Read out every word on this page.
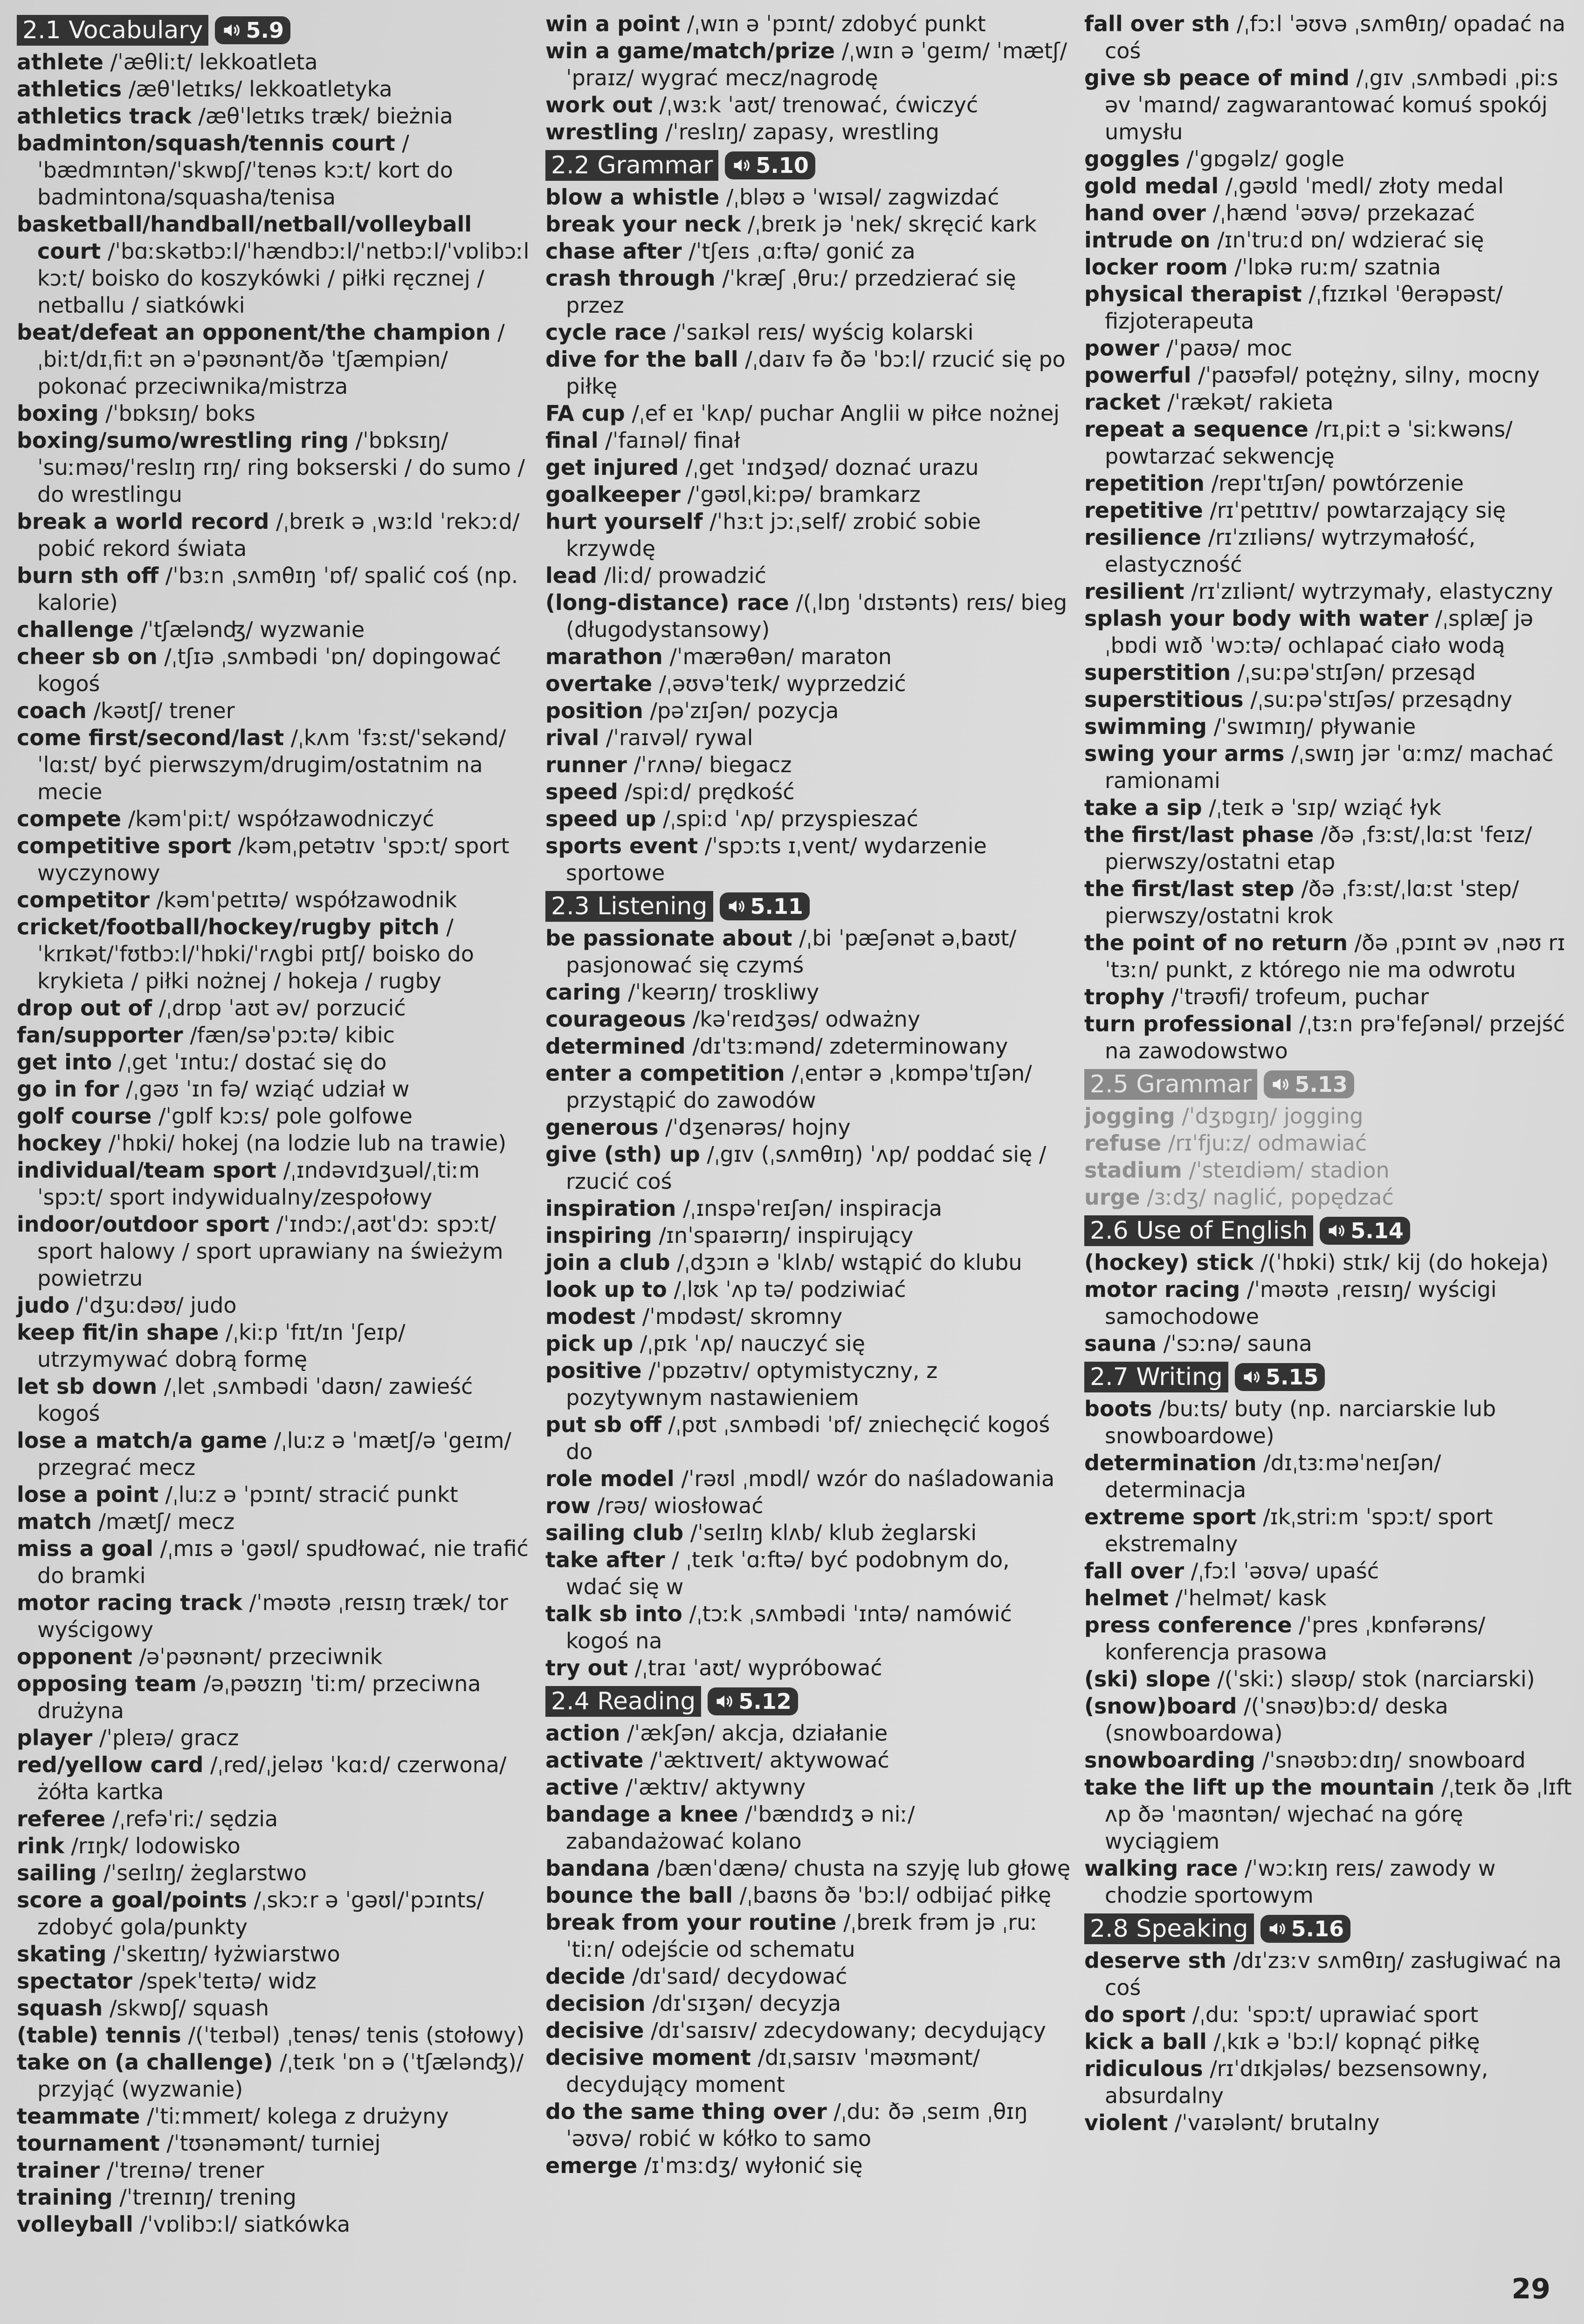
2.1 Vocabulary 5.9

athlete /ˈæθliːt/ lekkoatleta

athletics /æθˈletɪks/ lekkoatletyka

athletics track /æθˈletɪks træk/ bieżnia

badminton/squash/tennis court /ˈbædmɪntən/ˈskwɒʃ/ˈtenəs kɔːt/ kort do badmintona/squasha/tenisa

basketball/handball/netball/volleyball court /ˈbɑːskətbɔːl/ˈhændbɔːl/ˈnetbɔːl/ˈvɒlibɔːl kɔːt/ boisko do koszykówki / piłki ręcznej / netballu / siatkówki

beat/defeat an opponent/the champion /ˌbiːt/dɪˌfiːt ən əˈpəʊnənt/ðə ˈtʃæmpiən/ pokonać przeciwnika/mistrza

boxing /ˈbɒksɪŋ/ boks

boxing/sumo/wrestling ring /ˈbɒksɪŋ/ ˈsuːməʊ/ˈreslɪŋ rɪŋ/ ring bokserski / do sumo / do wrestlingu

break a world record /ˌbreɪk ə ˌwɜːld ˈrekɔːd/ pobić rekord świata

burn sth off /ˈbɜːn ˌsʌmθɪŋ ˈɒf/ spalić coś (np. kalorie)

challenge /ˈtʃælənʤ/ wyzwanie

cheer sb on /ˌtʃɪə ˌsʌmbədi ˈɒn/ dopingować kogoś

coach /kəʊtʃ/ trener

come first/second/last /ˌkʌm ˈfɜːst/ˈsekənd/ ˈlɑːst/ być pierwszym/drugim/ostatnim na mecie

compete /kəmˈpiːt/ współzawodniczyć

competitive sport /kəmˌpetətɪv ˈspɔːt/ sport wyczynowy

competitor /kəmˈpetɪtə/ współzawodnik

cricket/football/hockey/rugby pitch /ˈkrɪkət/ˈfʊtbɔːl/ˈhɒki/ˈrʌgbi pɪtʃ/ boisko do krykieta / piłki nożnej / hokeja / rugby

drop out of /ˌdrɒp ˈaʊt əv/ porzucić

fan/supporter /fæn/səˈpɔːtə/ kibic

get into /ˌget ˈɪntuː/ dostać się do

go in for /ˌgəʊ ˈɪn fə/ wziąć udział w

golf course /ˈgɒlf kɔːs/ pole golfowe

hockey /ˈhɒki/ hokej (na lodzie lub na trawie)

individual/team sport /ˌɪndəvɪdʒuəl/ˌtiːm ˈspɔːt/ sport indywidualny/zespołowy

indoor/outdoor sport /ˈɪndɔː/ˌaʊtˈdɔː spɔːt/ sport halowy / sport uprawiany na świeżym powietrzu

judo /ˈdʒuːdəʊ/ judo

keep fit/in shape /ˌkiːp ˈfɪt/ɪn ˈʃeɪp/ utrzymywać dobrą formę

let sb down /ˌlet ˌsʌmbədi ˈdaʊn/ zawieść kogoś

lose a match/a game /ˌluːz ə ˈmætʃ/ə ˈgeɪm/ przegrać mecz

lose a point /ˌluːz ə ˈpɔɪnt/ stracić punkt

match /mætʃ/ mecz

miss a goal /ˌmɪs ə ˈgəʊl/ spudłować, nie trafić do bramki

motor racing track /ˈməʊtə ˌreɪsɪŋ træk/ tor wyścigowy

opponent /əˈpəʊnənt/ przeciwnik

opposing team /əˌpəʊzɪŋ ˈtiːm/ przeciwna drużyna

player /ˈpleɪə/ gracz

red/yellow card /ˌred/ˌjeləʊ ˈkɑːd/ czerwona/ żółta kartka

referee /ˌrefəˈriː/ sędzia

rink /rɪŋk/ lodowisko

sailing /ˈseɪlɪŋ/ żeglarstwo

score a goal/points /ˌskɔːr ə ˈgəʊl/ˈpɔɪnts/ zdobyć gola/punkty

skating /ˈskeɪtɪŋ/ łyżwiarstwo

spectator /spekˈteɪtə/ widz

squash /skwɒʃ/ squash

(table) tennis /(ˈteɪbəl) ˌtenəs/ tenis (stołowy)

take on (a challenge) /ˌteɪk ˈɒn ə (ˈtʃælənʤ)/ przyjąć (wyzwanie)

teammate /ˈtiːmmeɪt/ kolega z drużyny

tournament /ˈtʊənəmənt/ turniej

trainer /ˈtreɪnə/ trener

training /ˈtreɪnɪŋ/ trening

volleyball /ˈvɒlibɔːl/ siatkówka

win a point /ˌwɪn ə ˈpɔɪnt/ zdobyć punkt

win a game/match/prize /ˌwɪn ə ˈgeɪm/ ˈmætʃ/ˈpraɪz/ wygrać mecz/nagrodę

work out /ˌwɜːk ˈaʊt/ trenować, ćwiczyć

wrestling /ˈreslɪŋ/ zapasy, wrestling

2.2 Grammar 5.10

blow a whistle /ˌbləʊ ə ˈwɪsəl/ zagwizdać

break your neck /ˌbreɪk jə ˈnek/ skręcić kark

chase after /ˈtʃeɪs ˌɑːftə/ gonić za

crash through /ˈkræʃ ˌθruː/ przedzierać się przez

cycle race /ˈsaɪkəl reɪs/ wyścig kolarski

dive for the ball /ˌdaɪv fə ðə ˈbɔːl/ rzucić się po piłkę

FA cup /ˌef eɪ ˈkʌp/ puchar Anglii w piłce nożnej

final /ˈfaɪnəl/ finał

get injured /ˌget ˈɪndʒəd/ doznać urazu

goalkeeper /ˈgəʊlˌkiːpə/ bramkarz

hurt yourself /ˈhɜːt jɔːˌself/ zrobić sobie krzywdę

lead /liːd/ prowadzić

(long-distance) race /(ˌlɒŋ ˈdɪstənts) reɪs/ bieg (długodystansowy)

marathon /ˈmærəθən/ maraton

overtake /ˌəʊvəˈteɪk/ wyprzedzić

position /pəˈzɪʃən/ pozycja

rival /ˈraɪvəl/ rywal

runner /ˈrʌnə/ biegacz

speed /spiːd/ prędkość

speed up /ˌspiːd ˈʌp/ przyspieszać

sports event /ˈspɔːts ɪˌvent/ wydarzenie sportowe

2.3 Listening 5.11

be passionate about /ˌbi ˈpæʃənət əˌbaʊt/ pasjonować się czymś

caring /ˈkeərɪŋ/ troskliwy

courageous /kəˈreɪdʒəs/ odważny

determined /dɪˈtɜːmənd/ zdeterminowany

enter a competition /ˌentər ə ˌkɒmpəˈtɪʃən/ przystąpić do zawodów

generous /ˈdʒenərəs/ hojny

give (sth) up /ˌgɪv (ˌsʌmθɪŋ) ˈʌp/ poddać się / rzucić coś

inspiration /ˌɪnspəˈreɪʃən/ inspiracja

inspiring /ɪnˈspaɪərɪŋ/ inspirujący

join a club /ˌdʒɔɪn ə ˈklʌb/ wstąpić do klubu

look up to /ˌlʊk ˈʌp tə/ podziwiać

modest /ˈmɒdəst/ skromny

pick up /ˌpɪk ˈʌp/ nauczyć się

positive /ˈpɒzətɪv/ optymistyczny, z pozytywnym nastawieniem

put sb off /ˌpʊt ˌsʌmbədi ˈɒf/ zniechęcić kogoś do

role model /ˈrəʊl ˌmɒdl/ wzór do naśladowania

row /rəʊ/ wiosłować

sailing club /ˈseɪlɪŋ klʌb/ klub żeglarski

take after / ˌteɪk ˈɑːftə/ być podobnym do, wdać się w

talk sb into /ˌtɔːk ˌsʌmbədi ˈɪntə/ namówić kogoś na

try out /ˌtraɪ ˈaʊt/ wypróbować

2.4 Reading 5.12

action /ˈækʃən/ akcja, działanie

activate /ˈæktɪveɪt/ aktywować

active /ˈæktɪv/ aktywny

bandage a knee /ˈbændɪdʒ ə niː/ zabandażować kolano

bandana /bænˈdænə/ chusta na szyję lub głowę

bounce the ball /ˌbaʊns ðə ˈbɔːl/ odbijać piłkę

break from your routine /ˌbreɪk frəm jə ˌruːˈtiːn/ odejście od schematu

decide /dɪˈsaɪd/ decydować

decision /dɪˈsɪʒən/ decyzja

decisive /dɪˈsaɪsɪv/ zdecydowany; decydujący

decisive moment /dɪˌsaɪsɪv ˈməʊmənt/ decydujący moment

do the same thing over /ˌduː ðə ˌseɪm ˌθɪŋ ˈəʊvə/ robić w kółko to samo

emerge /ɪˈmɜːdʒ/ wyłonić się

fall over sth /ˌfɔːl ˈəʊvə ˌsʌmθɪŋ/ opadać na coś

give sb peace of mind /ˌgɪv ˌsʌmbədi ˌpiːs əv ˈmaɪnd/ zagwarantować komuś spokój umysłu

goggles /ˈgɒgəlz/ gogle

gold medal /ˌgəʊld ˈmedl/ złoty medal

hand over /ˌhænd ˈəʊvə/ przekazać

intrude on /ɪnˈtruːd ɒn/ wdzierać się

locker room /ˈlɒkə ruːm/ szatnia

physical therapist /ˌfɪzɪkəl ˈθerəpəst/ fizjoterapeuta

power /ˈpaʊə/ moc

powerful /ˈpaʊəfəl/ potężny, silny, mocny

racket /ˈrækət/ rakieta

repeat a sequence /rɪˌpiːt ə ˈsiːkwəns/ powtarzać sekwencję

repetition /repɪˈtɪʃən/ powtórzenie

repetitive /rɪˈpetɪtɪv/ powtarzający się

resilience /rɪˈzɪliəns/ wytrzymałość, elastyczność

resilient /rɪˈzɪliənt/ wytrzymały, elastyczny

splash your body with water /ˌsplæʃ jə ˌbɒdi wɪð ˈwɔːtə/ ochlapać ciało wodą

superstition /ˌsuːpəˈstɪʃən/ przesąd

superstitious /ˌsuːpəˈstɪʃəs/ przesądny

swimming /ˈswɪmɪŋ/ pływanie

swing your arms /ˌswɪŋ jər ˈɑːmz/ machać ramionami

take a sip /ˌteɪk ə ˈsɪp/ wziąć łyk

the first/last phase /ðə ˌfɜːst/ˌlɑːst ˈfeɪz/ pierwszy/ostatni etap

the first/last step /ðə ˌfɜːst/ˌlɑːst ˈstep/ pierwszy/ostatni krok

the point of no return /ðə ˌpɔɪnt əv ˌnəʊ rɪˈtɜːn/ punkt, z którego nie ma odwrotu

trophy /ˈtrəʊfi/ trofeum, puchar

turn professional /ˌtɜːn prəˈfeʃənəl/ przejść na zawodowstwo

2.5 Grammar 5.13

jogging /ˈdʒɒgɪŋ/ jogging

refuse /rɪˈfjuːz/ odmawiać

stadium /ˈsteɪdiəm/ stadion

urge /ɜːdʒ/ naglić, popędzać

2.6 Use of English 5.14

(hockey) stick /(ˈhɒki) stɪk/ kij (do hokeja)

motor racing /ˈməʊtə ˌreɪsɪŋ/ wyścigi samochodowe

sauna /ˈsɔːnə/ sauna

2.7 Writing 5.15

boots /buːts/ buty (np. narciarskie lub snowboardowe)

determination /dɪˌtɜːməˈneɪʃən/ determinacja

extreme sport /ɪkˌstriːm ˈspɔːt/ sport ekstremalny

fall over /ˌfɔːl ˈəʊvə/ upaść

helmet /ˈhelmət/ kask

press conference /ˈpres ˌkɒnfərəns/ konferencja prasowa

(ski) slope /(ˈskiː) sləʊp/ stok (narciarski)

(snow)board /(ˈsnəʊ)bɔːd/ deska (snowboardowa)

snowboarding /ˈsnəʊbɔːdɪŋ/ snowboard

take the lift up the mountain /ˌteɪk ðə ˌlɪft ʌp ðə ˈmaʊntən/ wjechać na górę wyciągiem

walking race /ˈwɔːkɪŋ reɪs/ zawody w chodzie sportowym

2.8 Speaking 5.16

deserve sth /dɪˈzɜːv sʌmθɪŋ/ zasługiwać na coś

do sport /ˌduː ˈspɔːt/ uprawiać sport

kick a ball /ˌkɪk ə ˈbɔːl/ kopnąć piłkę

ridiculous /rɪˈdɪkjələs/ bezsensowny, absurdalny

violent /ˈvaɪələnt/ brutalny

29
